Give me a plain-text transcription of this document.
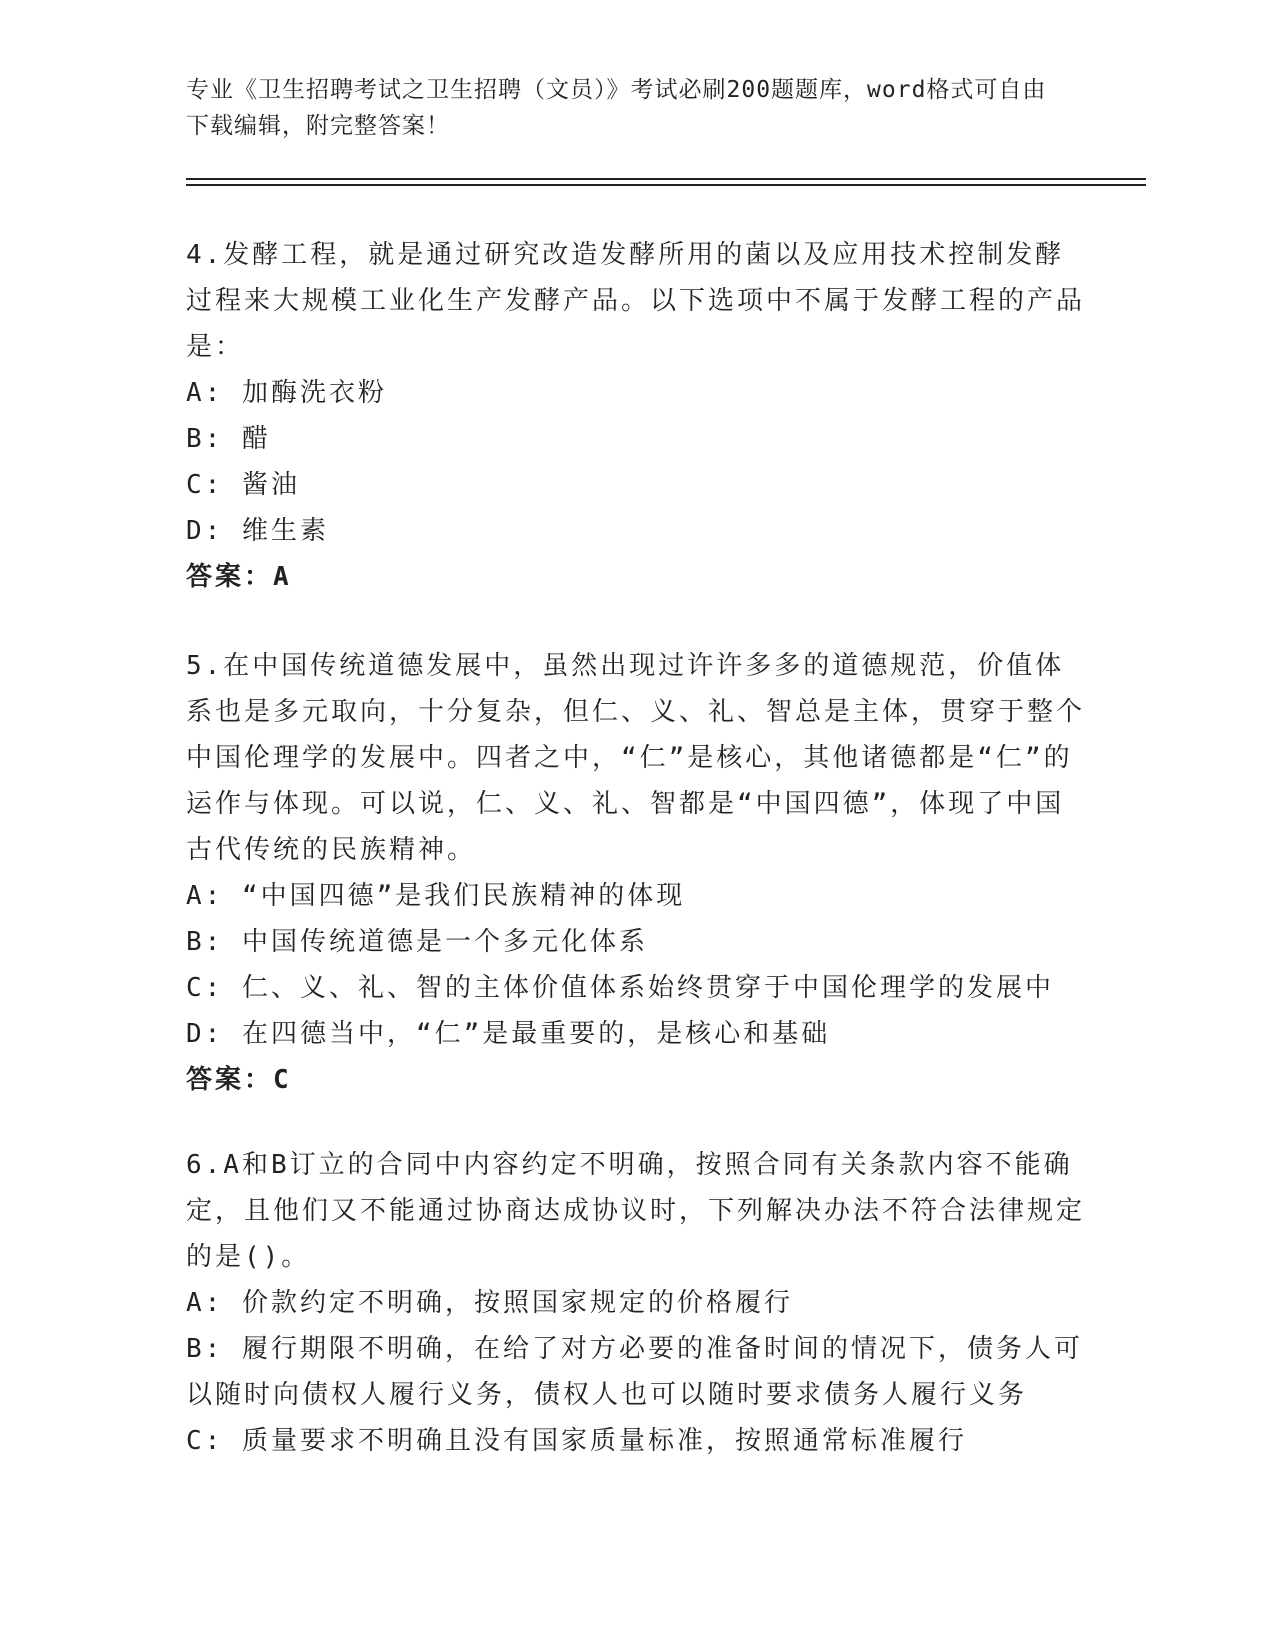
专业《卫生招聘考试之卫生招聘（文员）》考试必刷200题题库，word格式可自由下载编辑，附完整答案！

4.发酵工程，就是通过研究改造发酵所用的菌以及应用技术控制发酵过程来大规模工业化生产发酵产品。以下选项中不属于发酵工程的产品是：

A: 加酶洗衣粉

B: 醋

C: 酱油

D: 维生素

答案：A

5.在中国传统道德发展中，虽然出现过许许多多的道德规范，价值体系也是多元取向，十分复杂，但仁、义、礼、智总是主体，贯穿于整个中国伦理学的发展中。四者之中，“仁”是核心，其他诸德都是“仁”的运作与体现。可以说，仁、义、礼、智都是“中国四德”，体现了中国古代传统的民族精神。

A: “中国四德”是我们民族精神的体现

B: 中国传统道德是一个多元化体系

C: 仁、义、礼、智的主体价值体系始终贯穿于中国伦理学的发展中

D: 在四德当中，“仁”是最重要的，是核心和基础

答案：C

6.A和B订立的合同中内容约定不明确，按照合同有关条款内容不能确定，且他们又不能通过协商达成协议时，下列解决办法不符合法律规定的是()。

A: 价款约定不明确，按照国家规定的价格履行

B: 履行期限不明确，在给了对方必要的准备时间的情况下，债务人可以随时向债权人履行义务，债权人也可以随时要求债务人履行义务

C: 质量要求不明确且没有国家质量标准，按照通常标准履行
